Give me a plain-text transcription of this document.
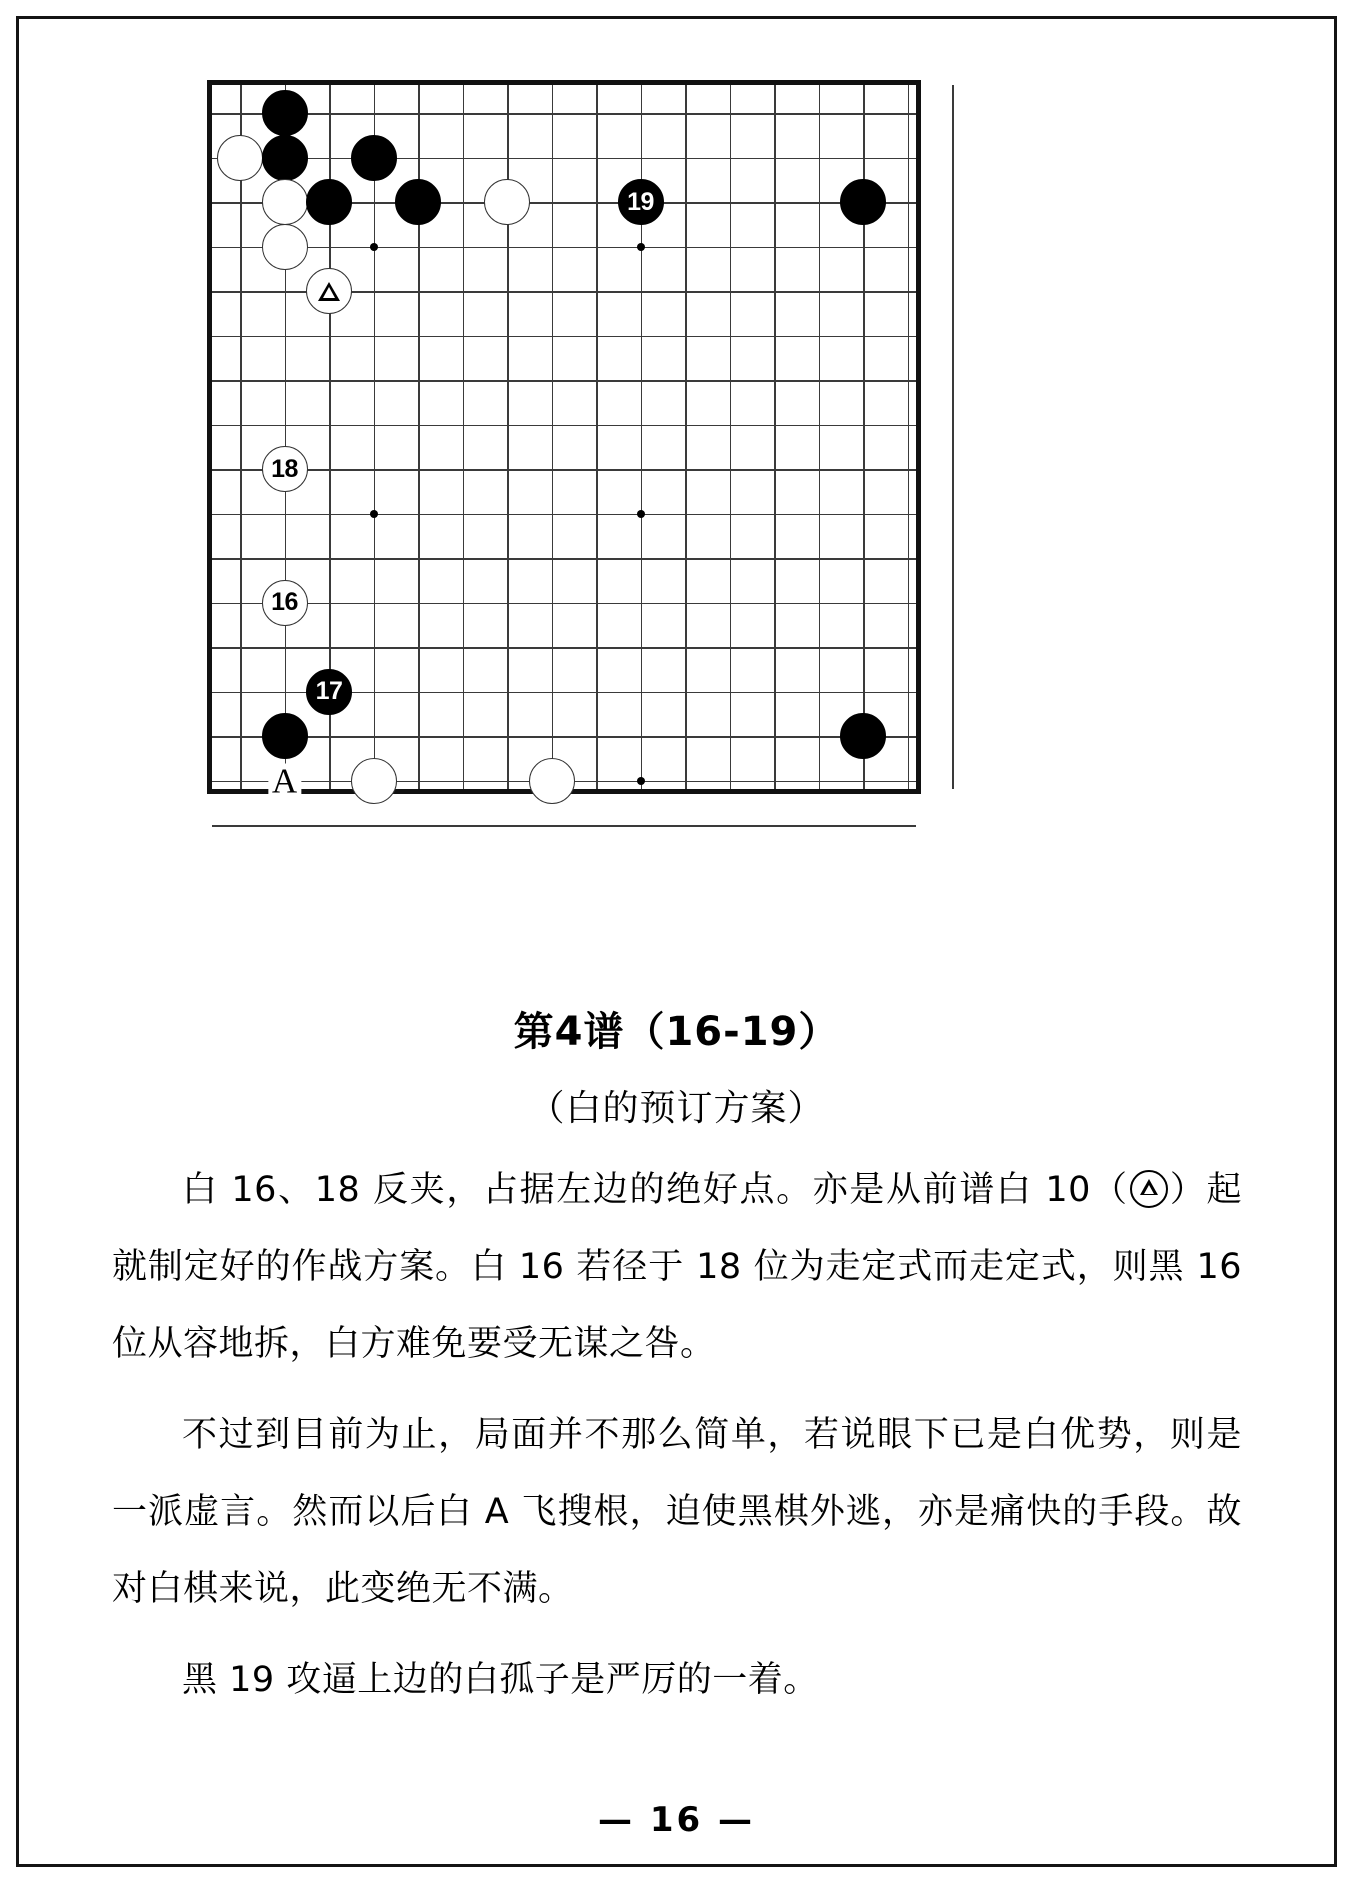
A
19
18
16
17
第4谱（16-19）
（白的预订方案）

白 16、18 反夹，占据左边的绝好点。亦是从前谱白 10（ ）起就制定好的作战方案。白 16 若径于 18 位为走定式而走定式，则黑 16 位从容地拆，白方难免要受无谋之咎。

不过到目前为止，局面并不那么简单，若说眼下已是白优势，则是一派虚言。然而以后白 A 飞搜根，迫使黑棋外逃，亦是痛快的手段。故对白棋来说，此变绝无不满。

黑 19 攻逼上边的白孤子是严厉的一着。

— 16 —
